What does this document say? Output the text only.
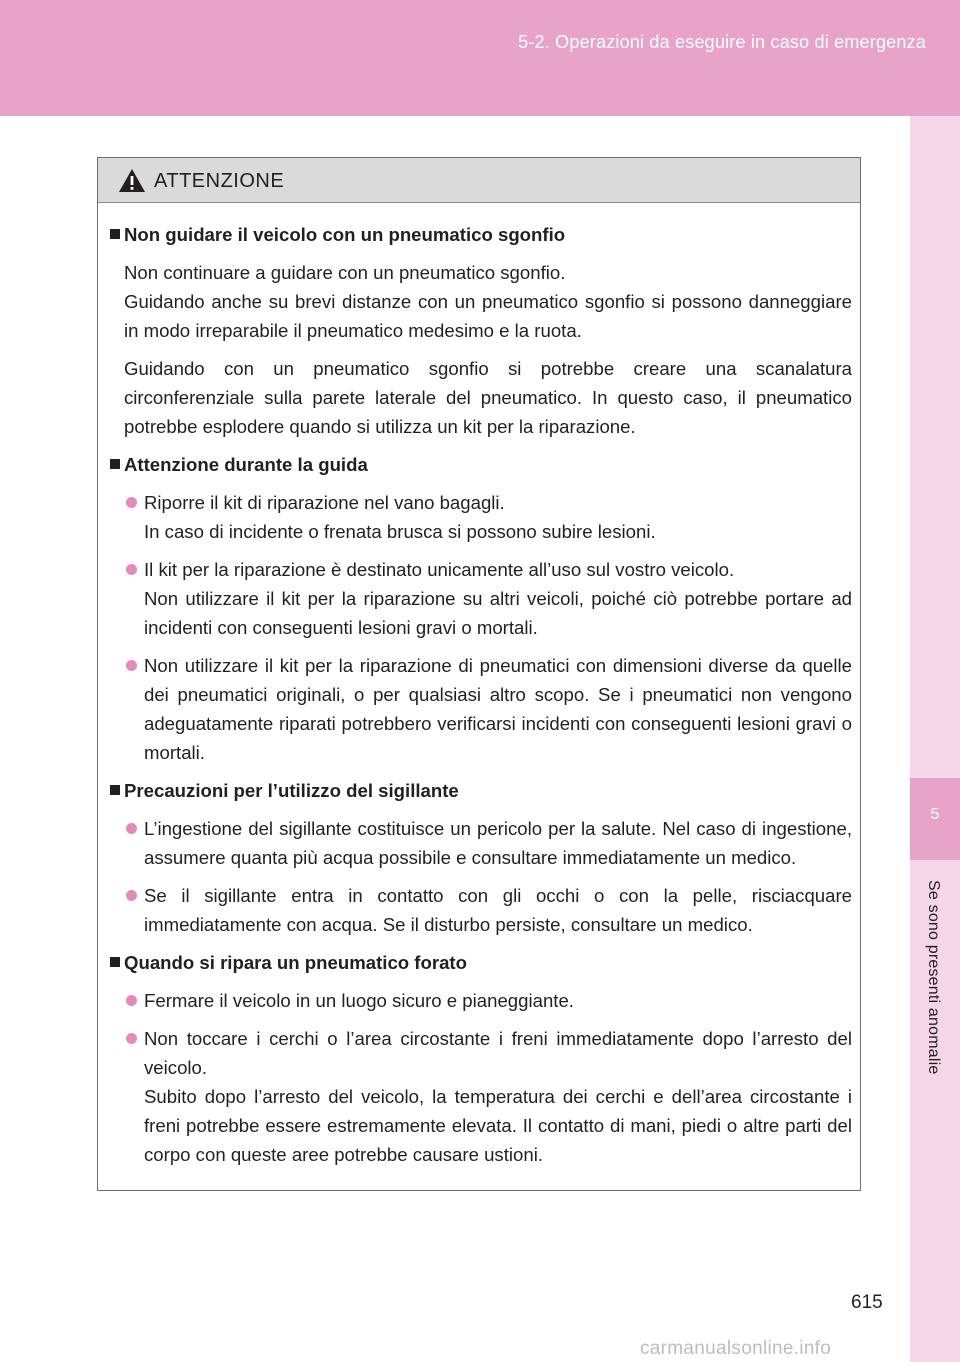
5-2. Operazioni da eseguire in caso di emergenza
5
Se sono presenti anomalie
ATTENZIONE
Non guidare il veicolo con un pneumatico sgonfio
Non continuare a guidare con un pneumatico sgonfio.
Guidando anche su brevi distanze con un pneumatico sgonfio si possono danneggiare in modo irreparabile il pneumatico medesimo e la ruota.
Guidando con un pneumatico sgonfio si potrebbe creare una scanalatura circonferenziale sulla parete laterale del pneumatico. In questo caso, il pneumatico potrebbe esplodere quando si utilizza un kit per la riparazione.
Attenzione durante la guida
Riporre il kit di riparazione nel vano bagagli.
In caso di incidente o frenata brusca si possono subire lesioni.
Il kit per la riparazione è destinato unicamente all’uso sul vostro veicolo.
Non utilizzare il kit per la riparazione su altri veicoli, poiché ciò potrebbe portare ad incidenti con conseguenti lesioni gravi o mortali.
Non utilizzare il kit per la riparazione di pneumatici con dimensioni diverse da quelle dei pneumatici originali, o per qualsiasi altro scopo. Se i pneumatici non vengono adeguatamente riparati potrebbero verificarsi incidenti con conseguenti lesioni gravi o mortali.
Precauzioni per l’utilizzo del sigillante
L’ingestione del sigillante costituisce un pericolo per la salute. Nel caso di ingestione, assumere quanta più acqua possibile e consultare immediatamente un medico.
Se il sigillante entra in contatto con gli occhi o con la pelle, risciacquare immediatamente con acqua. Se il disturbo persiste, consultare un medico.
Quando si ripara un pneumatico forato
Fermare il veicolo in un luogo sicuro e pianeggiante.
Non toccare i cerchi o l’area circostante i freni immediatamente dopo l’arresto del veicolo.
Subito dopo l’arresto del veicolo, la temperatura dei cerchi e dell’area circostante i freni potrebbe essere estremamente elevata. Il contatto di mani, piedi o altre parti del corpo con queste aree potrebbe causare ustioni.
615
carmanualsonline.info
